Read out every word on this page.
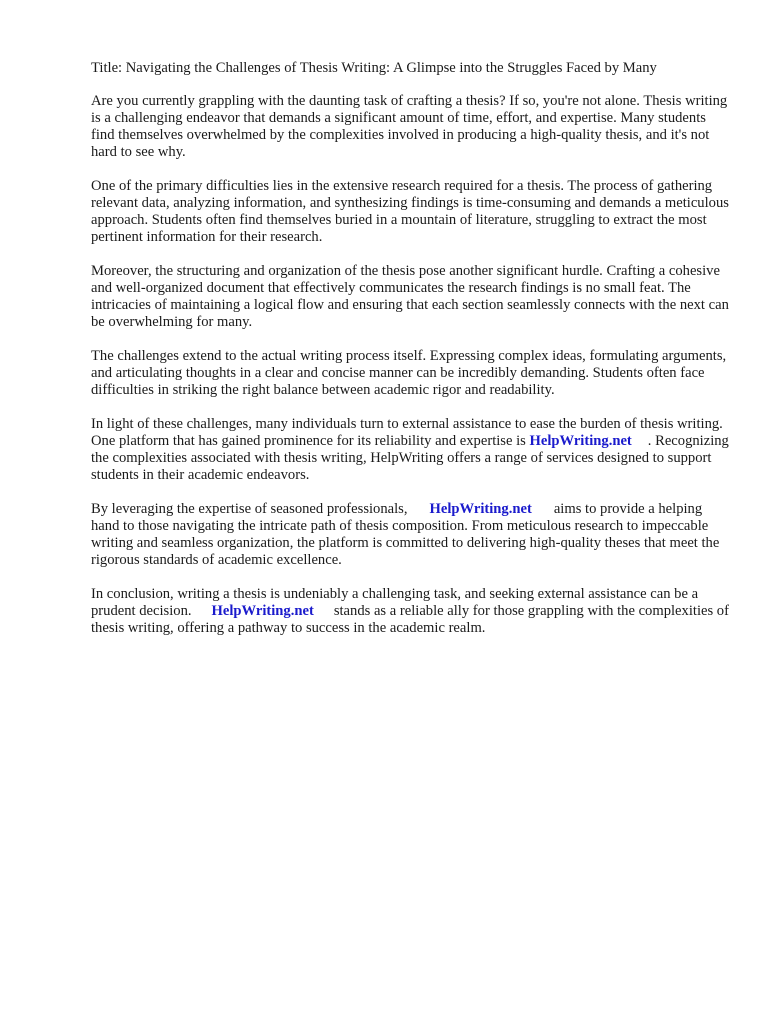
Title: Navigating the Challenges of Thesis Writing: A Glimpse into the Struggles Faced by Many

Are you currently grappling with the daunting task of crafting a thesis? If so, you're not alone. Thesis writing is a challenging endeavor that demands a significant amount of time, effort, and expertise. Many students find themselves overwhelmed by the complexities involved in producing a high-quality thesis, and it's not hard to see why.

One of the primary difficulties lies in the extensive research required for a thesis. The process of gathering relevant data, analyzing information, and synthesizing findings is time-consuming and demands a meticulous approach. Students often find themselves buried in a mountain of literature, struggling to extract the most pertinent information for their research.

Moreover, the structuring and organization of the thesis pose another significant hurdle. Crafting a cohesive and well-organized document that effectively communicates the research findings is no small feat. The intricacies of maintaining a logical flow and ensuring that each section seamlessly connects with the next can be overwhelming for many.

The challenges extend to the actual writing process itself. Expressing complex ideas, formulating arguments, and articulating thoughts in a clear and concise manner can be incredibly demanding. Students often face difficulties in striking the right balance between academic rigor and readability.

In light of these challenges, many individuals turn to external assistance to ease the burden of thesis writing. One platform that has gained prominence for its reliability and expertise is HelpWriting.net . Recognizing the complexities associated with thesis writing, HelpWriting offers a range of services designed to support students in their academic endeavors.

By leveraging the expertise of seasoned professionals, HelpWriting.net aims to provide a helping hand to those navigating the intricate path of thesis composition. From meticulous research to impeccable writing and seamless organization, the platform is committed to delivering high-quality theses that meet the rigorous standards of academic excellence.

In conclusion, writing a thesis is undeniably a challenging task, and seeking external assistance can be a prudent decision. HelpWriting.net stands as a reliable ally for those grappling with the complexities of thesis writing, offering a pathway to success in the academic realm.
